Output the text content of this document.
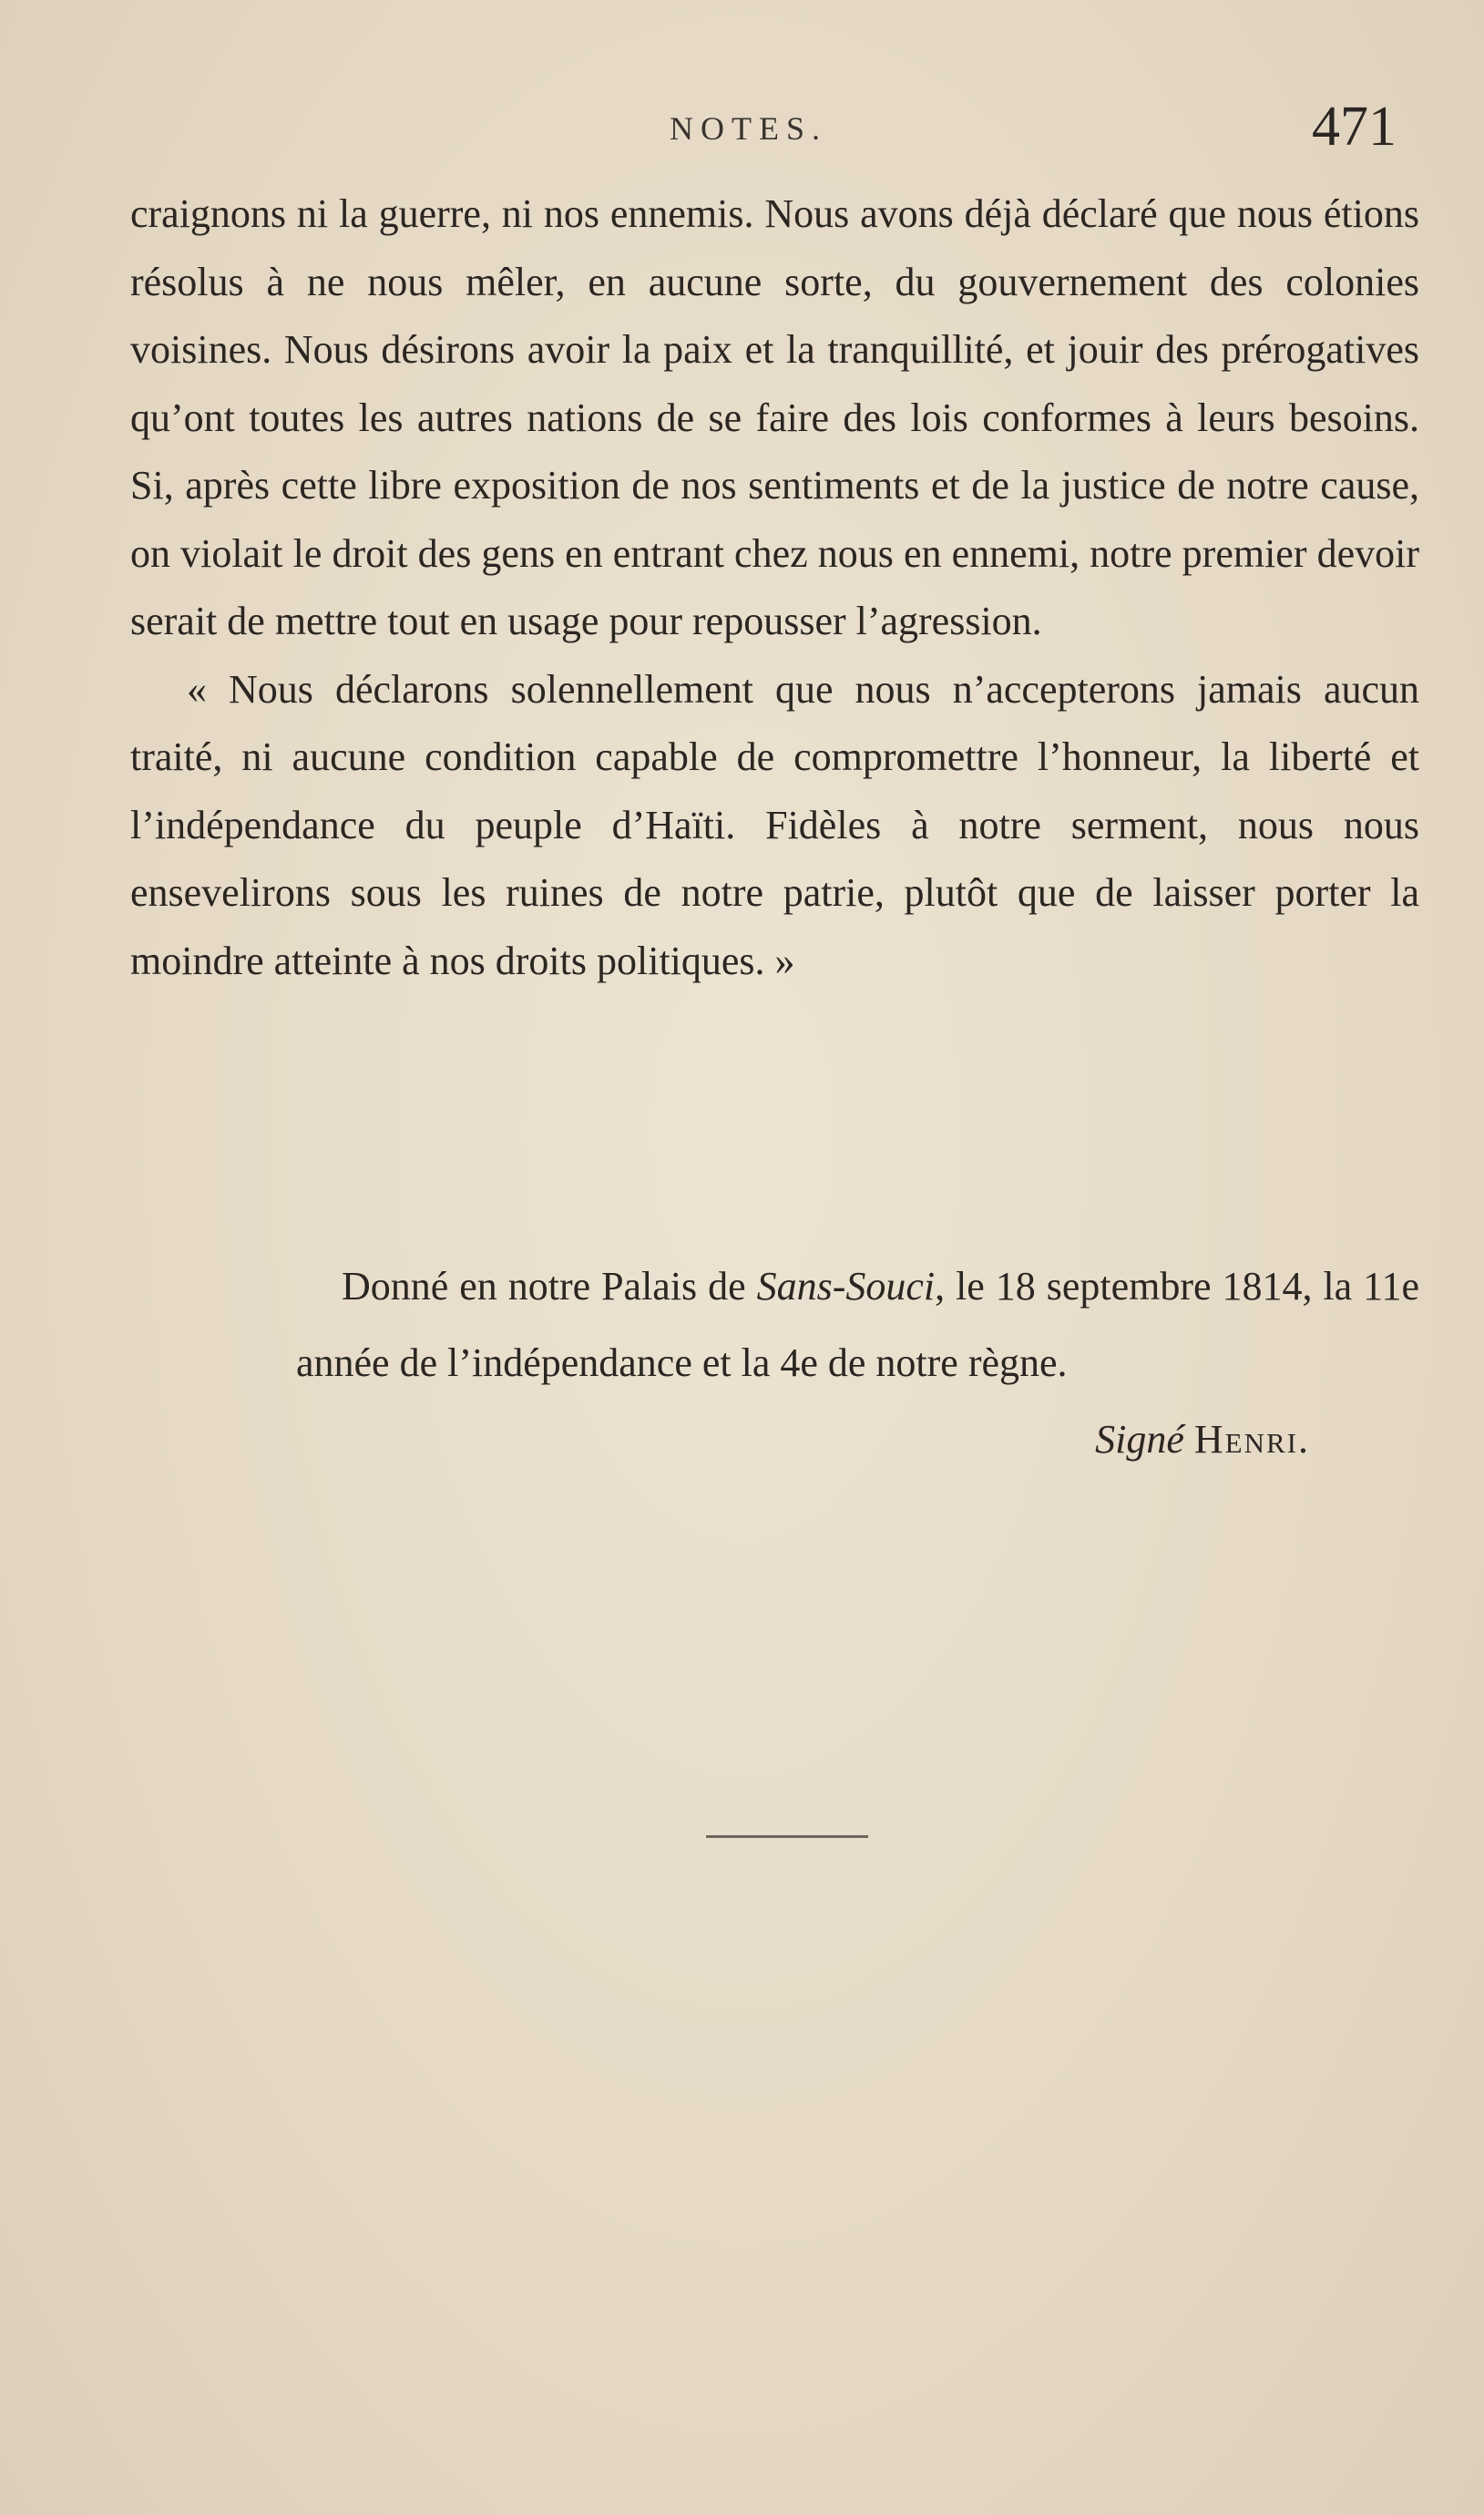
NOTES.	471

craignons ni la guerre, ni nos ennemis. Nous avons déjà déclaré que nous étions résolus à ne nous mêler, en aucune sorte, du gouvernement des colonies voisines. Nous désirons avoir la paix et la tranquillité, et jouir des prérogatives qu’ont toutes les autres nations de se faire des lois conformes à leurs besoins. Si, après cette libre exposition de nos sentiments et de la justice de notre cause, on violait le droit des gens en entrant chez nous en ennemi, notre premier devoir serait de mettre tout en usage pour repousser l’agression.

« Nous déclarons solennellement que nous n’accepterons jamais aucun traité, ni aucune condition capable de compromettre l’honneur, la liberté et l’indépendance du peuple d’Haïti. Fidèles à notre serment, nous nous ensevelirons sous les ruines de notre patrie, plutôt que de laisser porter la moindre atteinte à nos droits politiques. »

Donné en notre Palais de Sans-Souci, le 18 septembre 1814, la 11e année de l’indépendance et la 4e de notre règne.
Signé Henri.
